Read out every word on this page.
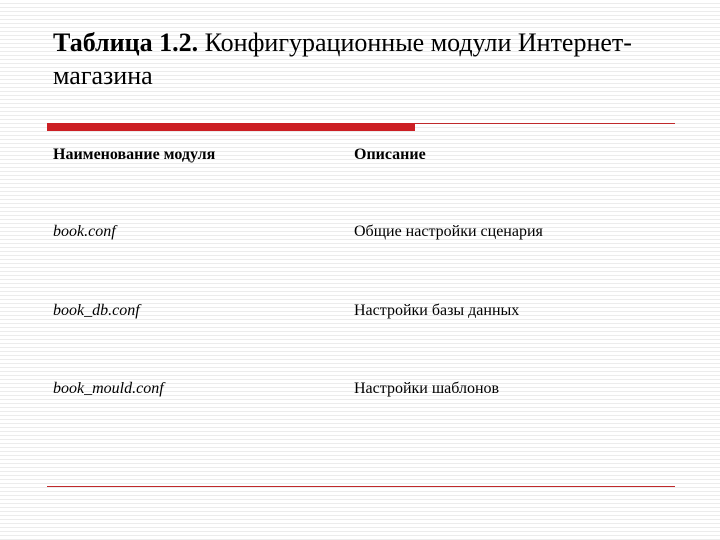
Таблица 1.2. Конфигурационные модули Интернет-магазина
Наименование модуля	Описание
book.conf	Общие настройки сценария
book_db.conf	Настройки базы данных
book_mould.conf	Настройки шаблонов
